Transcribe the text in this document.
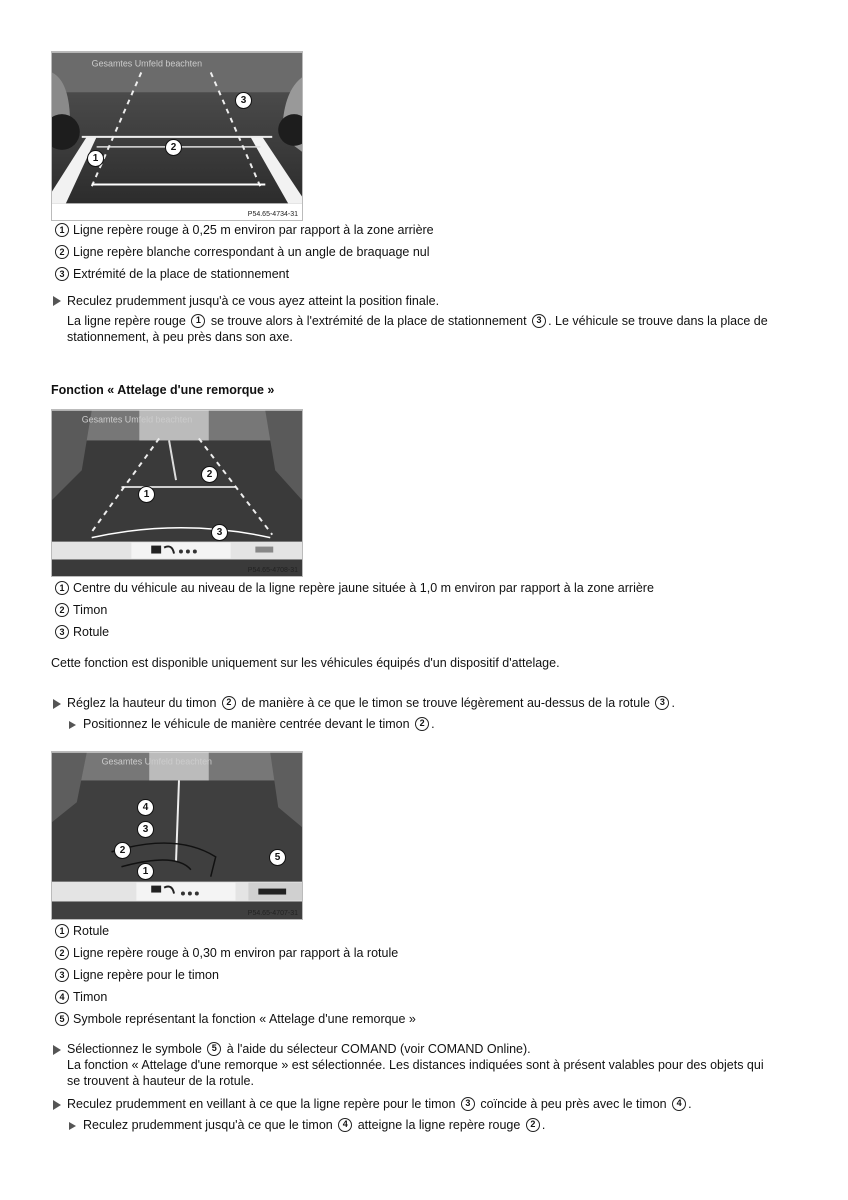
Gesamtes Umfeld beachten
1
2
3
P54.65-4734-31
1 Ligne repère rouge à 0,25 m environ par rapport à la zone arrière
2 Ligne repère blanche correspondant à un angle de braquage nul
3 Extrémité de la place de stationnement
Reculez prudemment jusqu'à ce vous ayez atteint la position finale.
La ligne repère rouge 1 se trouve alors à l'extrémité de la place de stationnement 3 . Le véhicule se trouve dans la place de
stationnement, à peu près dans son axe.
Fonction « Attelage d'une remorque »
Gesamtes Umfeld beachten
1
2
3
P54.65-4708-31
1 Centre du véhicule au niveau de la ligne repère jaune située à 1,0 m environ par rapport à la zone arrière
2 Timon
3 Rotule
Cette fonction est disponible uniquement sur les véhicules équipés d'un dispositif d'attelage.
Réglez la hauteur du timon 2 de manière à ce que le timon se trouve légèrement au-dessus de la rotule 3 .
Positionnez le véhicule de manière centrée devant le timon 2 .
Gesamtes Umfeld beachten
1
2
3
4
5
P54.65-4707-31
1 Rotule
2 Ligne repère rouge à 0,30 m environ par rapport à la rotule
3 Ligne repère pour le timon
4 Timon
5 Symbole représentant la fonction « Attelage d'une remorque »
Sélectionnez le symbole 5 à l'aide du sélecteur COMAND (voir COMAND Online).
La fonction « Attelage d'une remorque » est sélectionnée. Les distances indiquées sont à présent valables pour des objets qui
se trouvent à hauteur de la rotule.
Reculez prudemment en veillant à ce que la ligne repère pour le timon 3 coïncide à peu près avec le timon 4 .
Reculez prudemment jusqu'à ce que le timon 4 atteigne la ligne repère rouge 2 .
